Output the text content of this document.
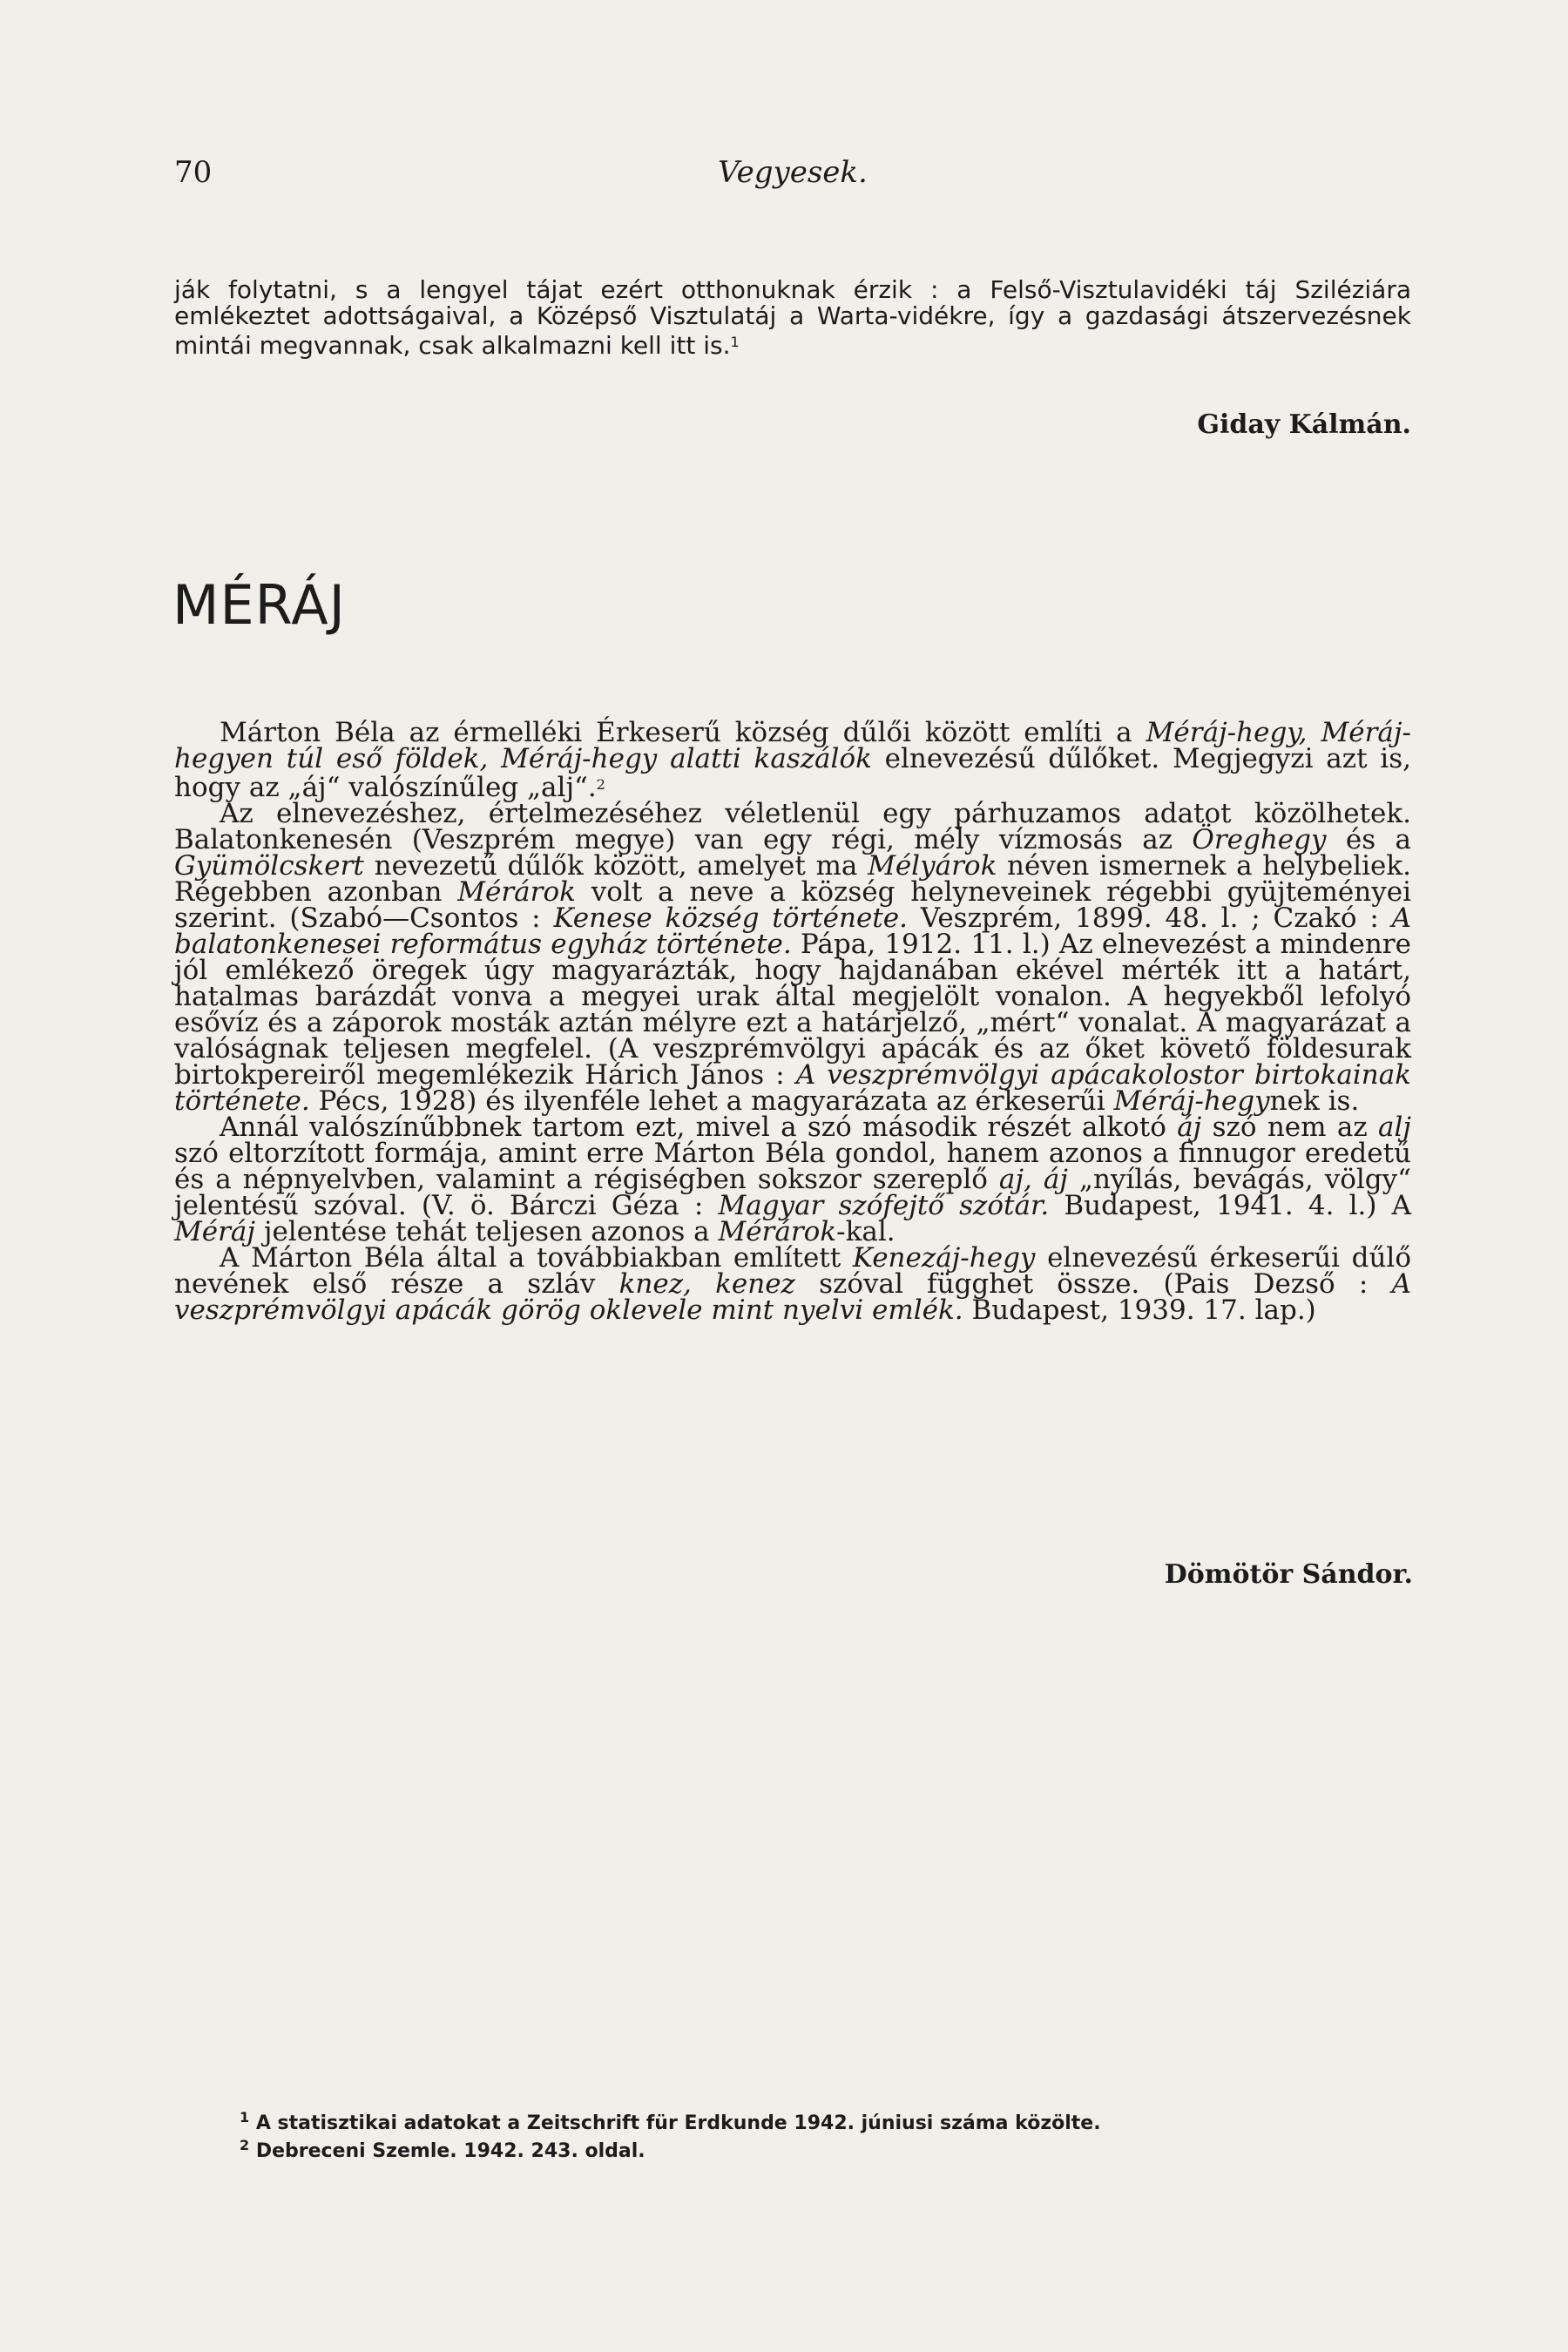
70	Vegyesek.

ják folytatni, s a lengyel tájat ezért otthonuknak érzik : a Felső-Visztulavidéki táj Sziléziára emlékeztet adottságaival, a Középső Visztulatáj a Warta-vidékre, így a gazdasági átszervezésnek mintái megvannak, csak alkalmazni kell itt is.$^1$

Giday Kálmán.
MÉRÁJ

Márton Béla az érmelléki Érkeserű község dűlői között említi a Méráj-hegy, Méráj-hegyen túl eső földek, Méráj-hegy alatti kaszálók elnevezésű dűlőket. Megjegyzi azt is, hogy az „áj“ valószínűleg „alj“.$^2$

Az elnevezéshez, értelmezéséhez véletlenül egy párhuzamos adatot közölhetek. Balatonkenesén (Veszprém megye) van egy régi, mély vízmosás az Öreghegy és a Gyümölcskert nevezetű dűlők között, amelyet ma Mélyárok néven ismernek a helybeliek. Régebben azonban Mérárok volt a neve a község helyneveinek régebbi gyüjteményei szerint. (Szabó—Csontos : Kenese község története. Veszprém, 1899. 48. l. ; Czakó : A balatonkenesei református egyház története. Pápa, 1912. 11. l.) Az elnevezést a mindenre jól emlékező öregek úgy magyarázták, hogy hajdanában ekével mérték itt a határt, hatalmas barázdát vonva a megyei urak által megjelölt vonalon. A hegyekből lefolyó esővíz és a záporok mosták aztán mélyre ezt a határjelző, „mért“ vonalat. A magyarázat a valóságnak teljesen megfelel. (A veszprémvölgyi apácák és az őket követő földesurak birtokpereiről megemlékezik Hárich János : A veszprémvölgyi apácakolostor birtokainak története. Pécs, 1928) és ilyenféle lehet a magyarázata az érkeserűi Méráj-hegynek is.

Annál valószínűbbnek tartom ezt, mivel a szó második részét alkotó áj szó nem az alj szó eltorzított formája, amint erre Márton Béla gondol, hanem azonos a finnugor eredetű és a népnyelvben, valamint a régiségben sokszor szereplő aj, áj „nyílás, bevágás, völgy“ jelentésű szóval. (V. ö. Bárczi Géza : Magyar szófejtő szótár. Budapest, 1941. 4. l.) A Méráj jelentése tehát teljesen azonos a Mérárok-kal.

A Márton Béla által a továbbiakban említett Kenezáj-hegy elnevezésű érkeserűi dűlő nevének első része a szláv knez, kenez szóval függhet össze. (Pais Dezső : A veszprémvölgyi apácák görög oklevele mint nyelvi emlék. Budapest, 1939. 17. lap.)

Dömötör Sándor.

$^1$ A statisztikai adatokat a Zeitschrift für Erdkunde 1942. júniusi száma közölte.

$^2$ Debreceni Szemle. 1942. 243. oldal.
